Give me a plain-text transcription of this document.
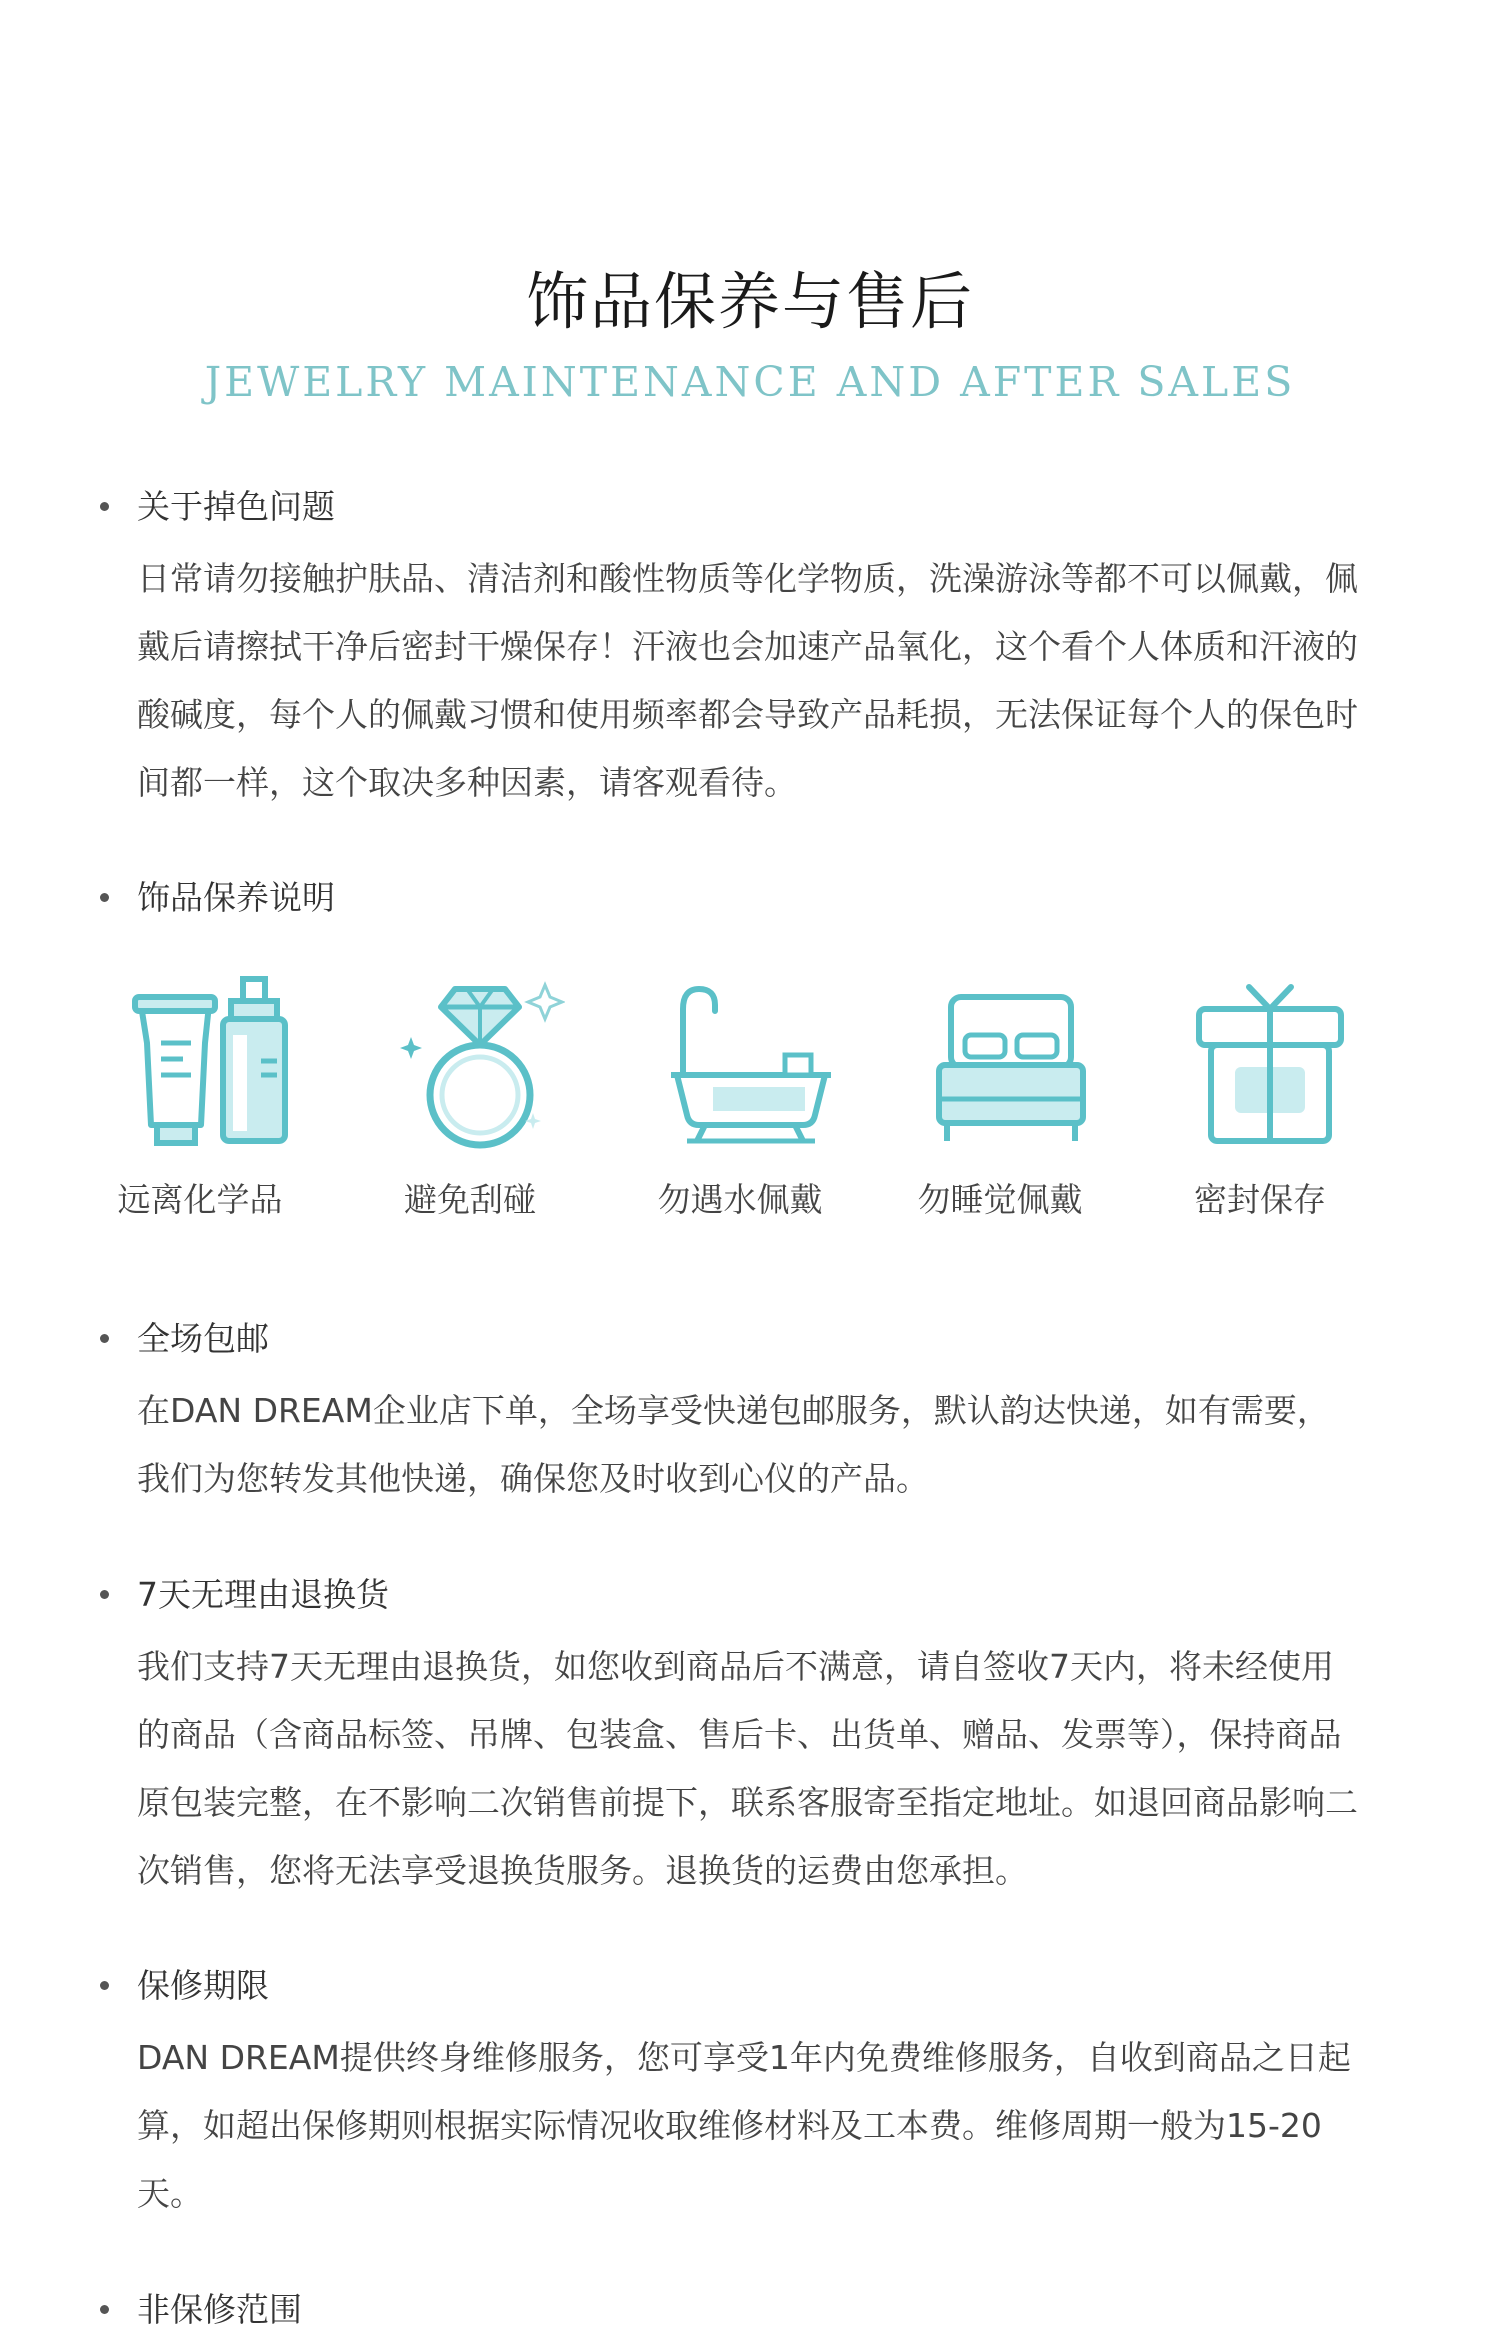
饰品保养与售后
JEWELRY MAINTENANCE AND AFTER SALES
关于掉色问题
日常请勿接触护肤品、清洁剂和酸性物质等化学物质，洗澡游泳等都不可以佩戴，佩戴后请擦拭干净后密封干燥保存！汗液也会加速产品氧化，这个看个人体质和汗液的酸碱度，每个人的佩戴习惯和使用频率都会导致产品耗损，无法保证每个人的保色时间都一样，这个取决多种因素，请客观看待。
饰品保养说明
远离化学品	避免刮碰	勿遇水佩戴	勿睡觉佩戴	密封保存
全场包邮
在DAN DREAM企业店下单，全场享受快递包邮服务，默认韵达快递，如有需要，我们为您转发其他快递，确保您及时收到心仪的产品。
7天无理由退换货
我们支持7天无理由退换货，如您收到商品后不满意，请自签收7天内，将未经使用的商品（含商品标签、吊牌、包装盒、售后卡、出货单、赠品、发票等），保持商品原包装完整，在不影响二次销售前提下，联系客服寄至指定地址。如退回商品影响二次销售，您将无法享受退换货服务。退换货的运费由您承担。
保修期限
DAN DREAM提供终身维修服务，您可享受1年内免费维修服务，自收到商品之日起算，如超出保修期则根据实际情况收取维修材料及工本费。维修周期一般为15-20天。
非保修范围
